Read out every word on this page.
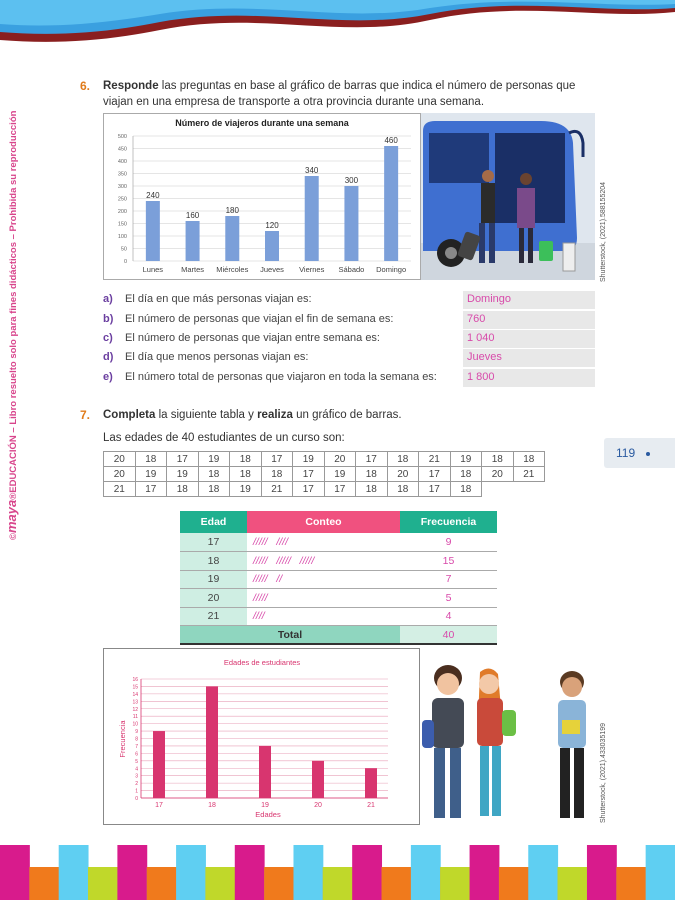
©maya®EDUCACIÓN – Libro resuelto solo para fines didácticos – Prohibida su reproducción
6. Responde las preguntas en base al gráfico de barras que indica el número de personas que viajan en una empresa de transporte a otra provincia durante una semana.
Número de viajeros durante una semana
0
50
100
150
200
250
300
350
400
450
500
240
Lunes
160
Martes
180
Miércoles
120
Jueves
340
Viernes
300
Sábado
460
Domingo	Shutterstock, (2021).588155204
a) El día en que más personas viajan es:	Domingo
b) El número de personas que viajan el fin de semana es:	760
c) El número de personas que viajan entre semana es:	1 040
d) El día que menos personas viajan es:	Jueves
e) El número total de personas que viajaron en toda la semana es:	1 800
7. Completa la siguiente tabla y realiza un gráfico de barras.
Las edades de 40 estudiantes de un curso son:
119
20	18	17	19	18	17	19	20	17	18	21	19	18	18
20	19	19	18	18	18	17	19	18	20	17	18	20	21
21	17	18	18	19	21	17	17	18	18	17	18		
Edad	Conteo	Frecuencia
17	/////   ////	9
18	/////   /////   /////	15
19	/////   //	7
20	/////	5
21	////	4
Total		40
Edades de estudiantes
0
1
2
3
4
5
6
7
8
9
10
11
12
13
14
15
16
17	18	19	20	21
Edades
Frecuencia	Shutterstock, (2021).433035199
